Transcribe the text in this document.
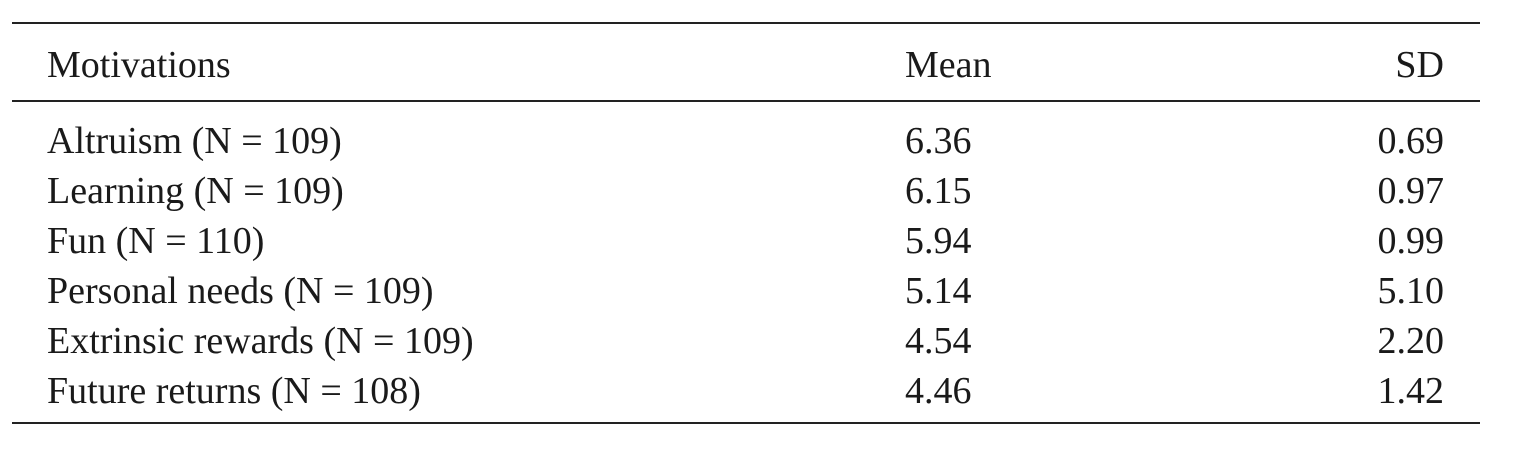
Motivations	Mean	SD
Altruism (N = 109)	6.36	0.69
Learning (N = 109)	6.15	0.97
Fun (N = 110)	5.94	0.99
Personal needs (N = 109)	5.14	5.10
Extrinsic rewards (N = 109)	4.54	2.20
Future returns (N = 108)	4.46	1.42
